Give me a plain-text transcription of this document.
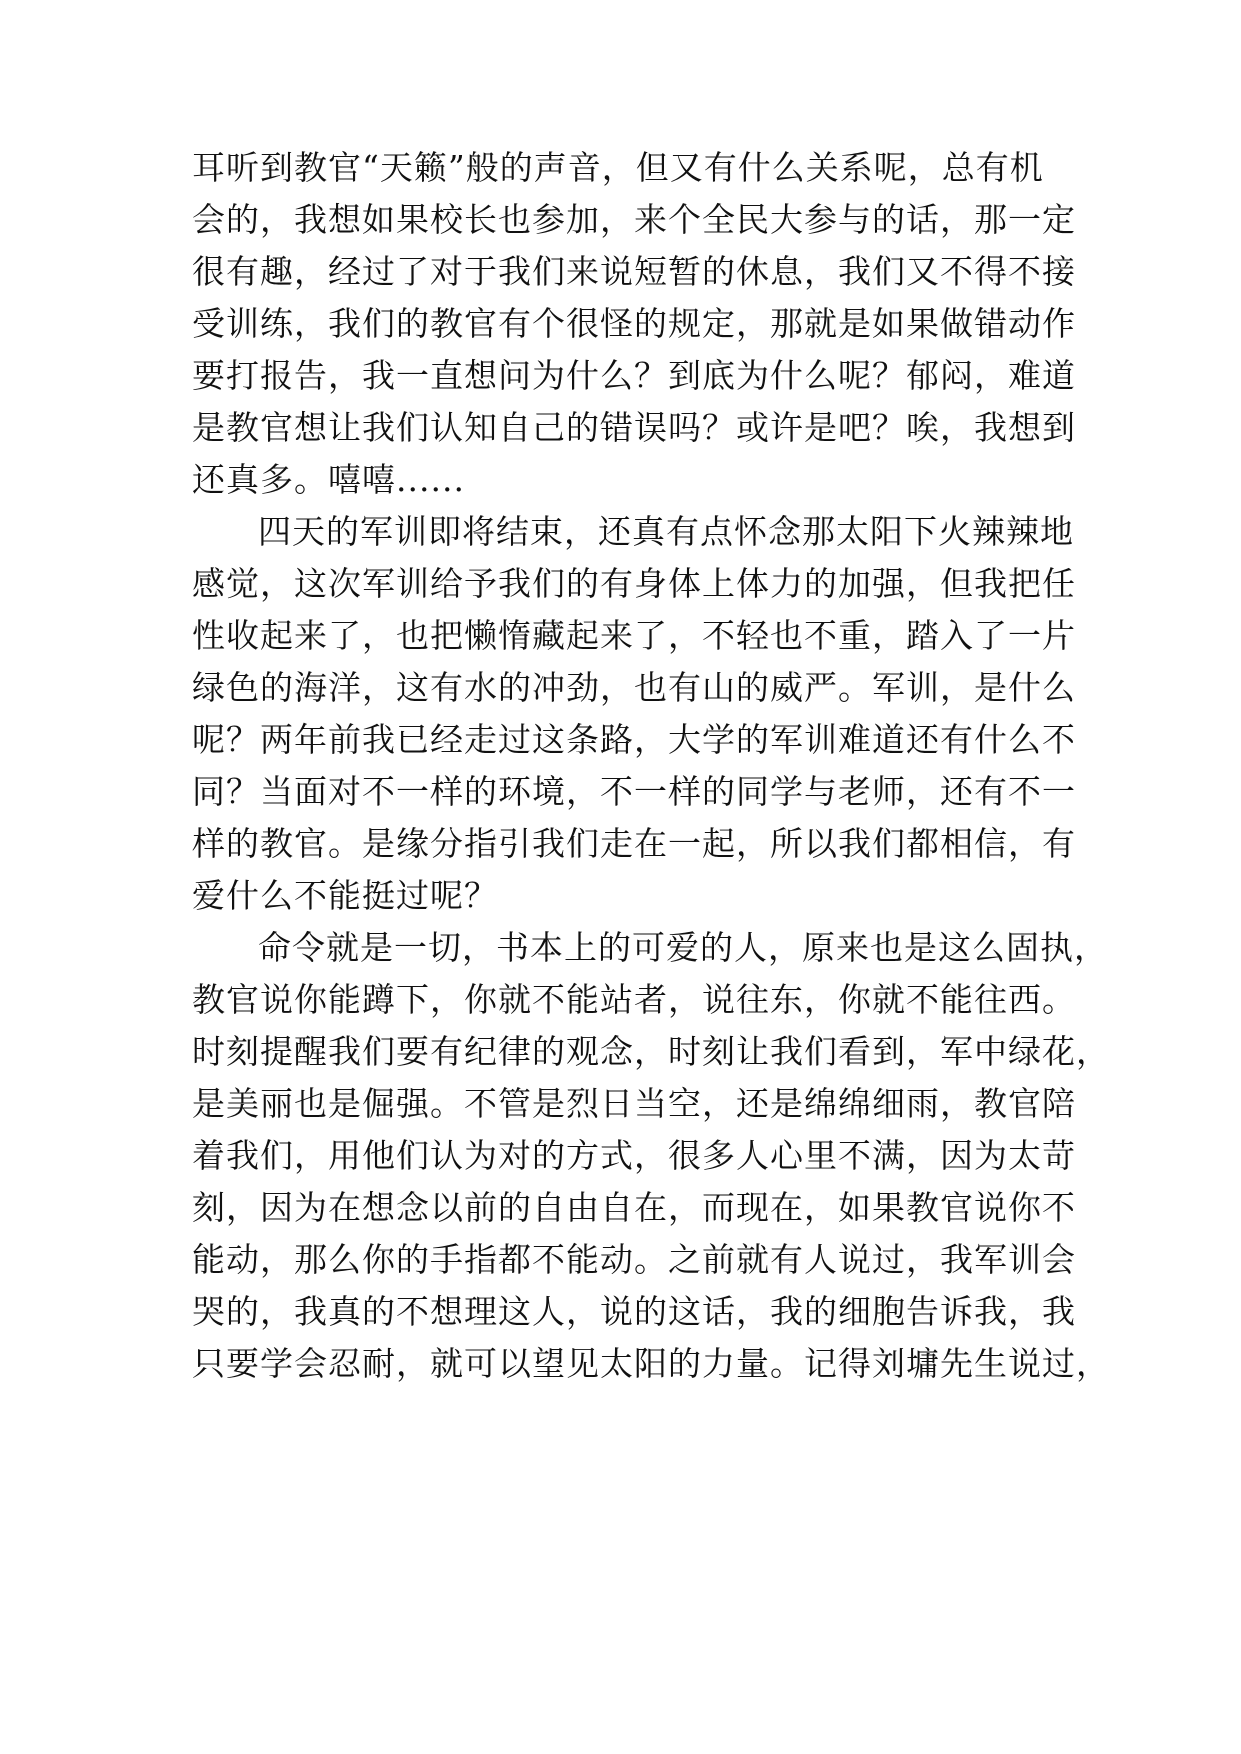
耳听到教官“天籁”般的声音，但又有什么关系呢，总有机
会的，我想如果校长也参加，来个全民大参与的话，那一定
很有趣，经过了对于我们来说短暂的休息，我们又不得不接
受训练，我们的教官有个很怪的规定，那就是如果做错动作
要打报告，我一直想问为什么？到底为什么呢？郁闷，难道
是教官想让我们认知自己的错误吗？或许是吧？唉，我想到
还真多。嘻嘻......
四天的军训即将结束，还真有点怀念那太阳下火辣辣地
感觉，这次军训给予我们的有身体上体力的加强，但我把任
性收起来了，也把懒惰藏起来了，不轻也不重，踏入了一片
绿色的海洋，这有水的冲劲，也有山的威严。军训，是什么
呢？两年前我已经走过这条路，大学的军训难道还有什么不
同？当面对不一样的环境，不一样的同学与老师，还有不一
样的教官。是缘分指引我们走在一起，所以我们都相信，有
爱什么不能挺过呢？
命令就是一切，书本上的可爱的人，原来也是这么固执，
教官说你能蹲下，你就不能站者，说往东，你就不能往西。
时刻提醒我们要有纪律的观念，时刻让我们看到，军中绿花，
是美丽也是倔强。不管是烈日当空，还是绵绵细雨，教官陪
着我们，用他们认为对的方式，很多人心里不满，因为太苛
刻，因为在想念以前的自由自在，而现在，如果教官说你不
能动，那么你的手指都不能动。之前就有人说过，我军训会
哭的，我真的不想理这人，说的这话，我的细胞告诉我，我
只要学会忍耐，就可以望见太阳的力量。记得刘墉先生说过，
